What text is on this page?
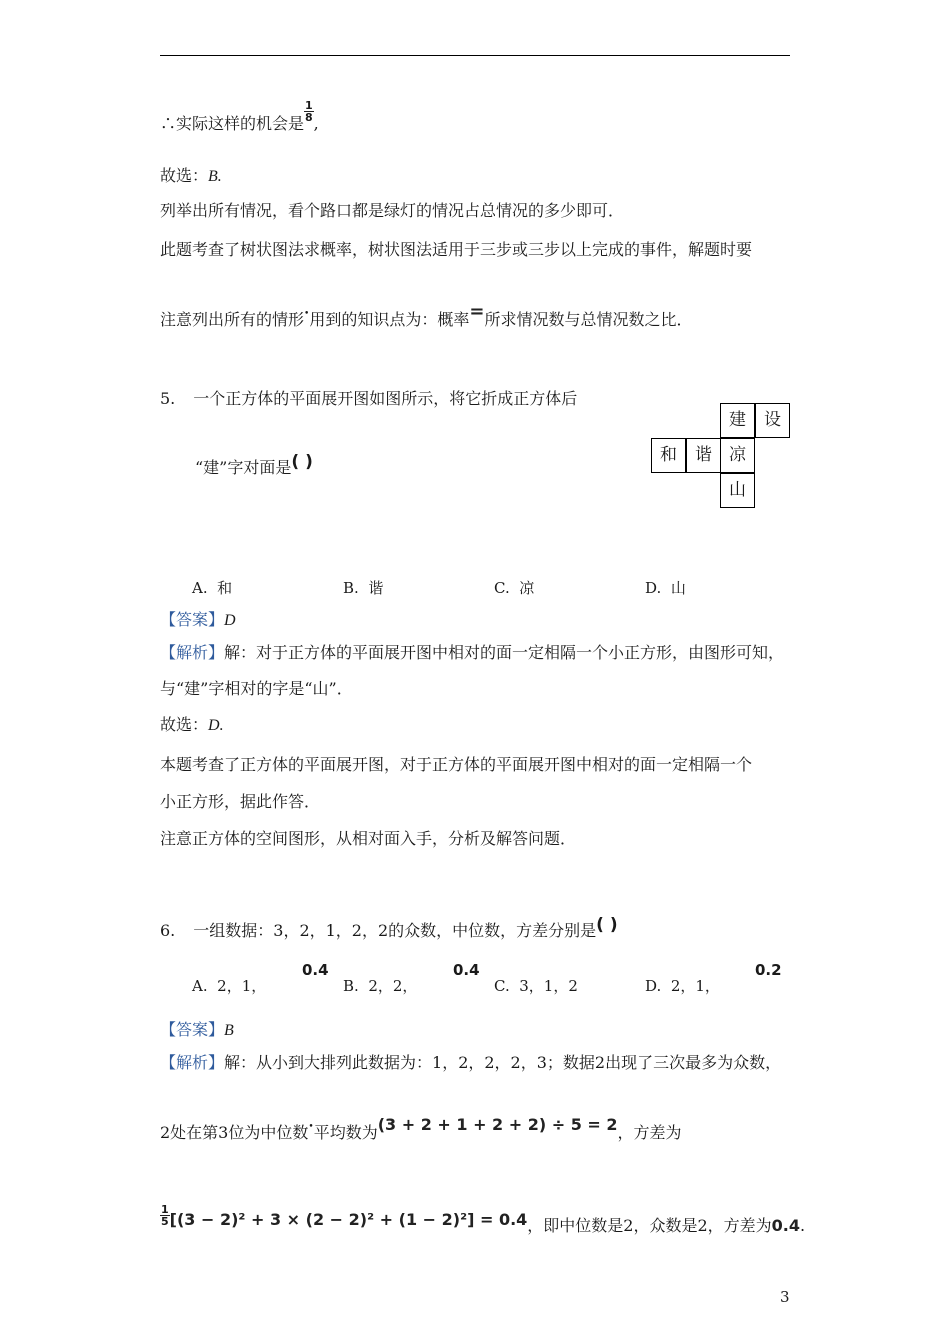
∴实际这样的机会是
$\frac{1}{8}$
,
故选：B.
列举出所有情况，看个路口都是绿灯的情况占总情况的多少即可．
此题考查了树状图法求概率，树状图法适用于三步或三步以上完成的事件，解题时要
注意列出所有的情形•用到的知识点为：概率=所求情况数与总情况数之比．
5. 一个正方体的平面展开图如图所示，将它折成正方体后
“建”字对面是( )
建	设
和	谐	凉
山
A. 和	B. 谐	C. 凉	D. 山
【答案】D
【解析】解：对于正方体的平面展开图中相对的面一定相隔一个小正方形，由图形可知，
与“建”字相对的字是“山”．
故选：D.
本题考查了正方体的平面展开图，对于正方体的平面展开图中相对的面一定相隔一个
小正方形，据此作答．
注意正方体的空间图形，从相对面入手，分析及解答问题．
6. 一组数据：3，2，1，2，2的众数，中位数，方差分别是( )
A. 2，1，
0.4
B. 2，2，
0.4
C. 3，1，2	D. 2，1，
0.2
【答案】B
【解析】解：从小到大排列此数据为：1，2，2，2，3；数据2出现了三次最多为众数，
2处在第3位为中位数•平均数为(3 + 2 + 1 + 2 + 2) ÷ 5 = 2，方差为
$\frac{1}{5} [(3 - 2)^2 + 3 \times (2 - 2)^2 + (1 - 2)^2] = 0.4$，即中位数是2，众数是2，方差为0.4.
3
